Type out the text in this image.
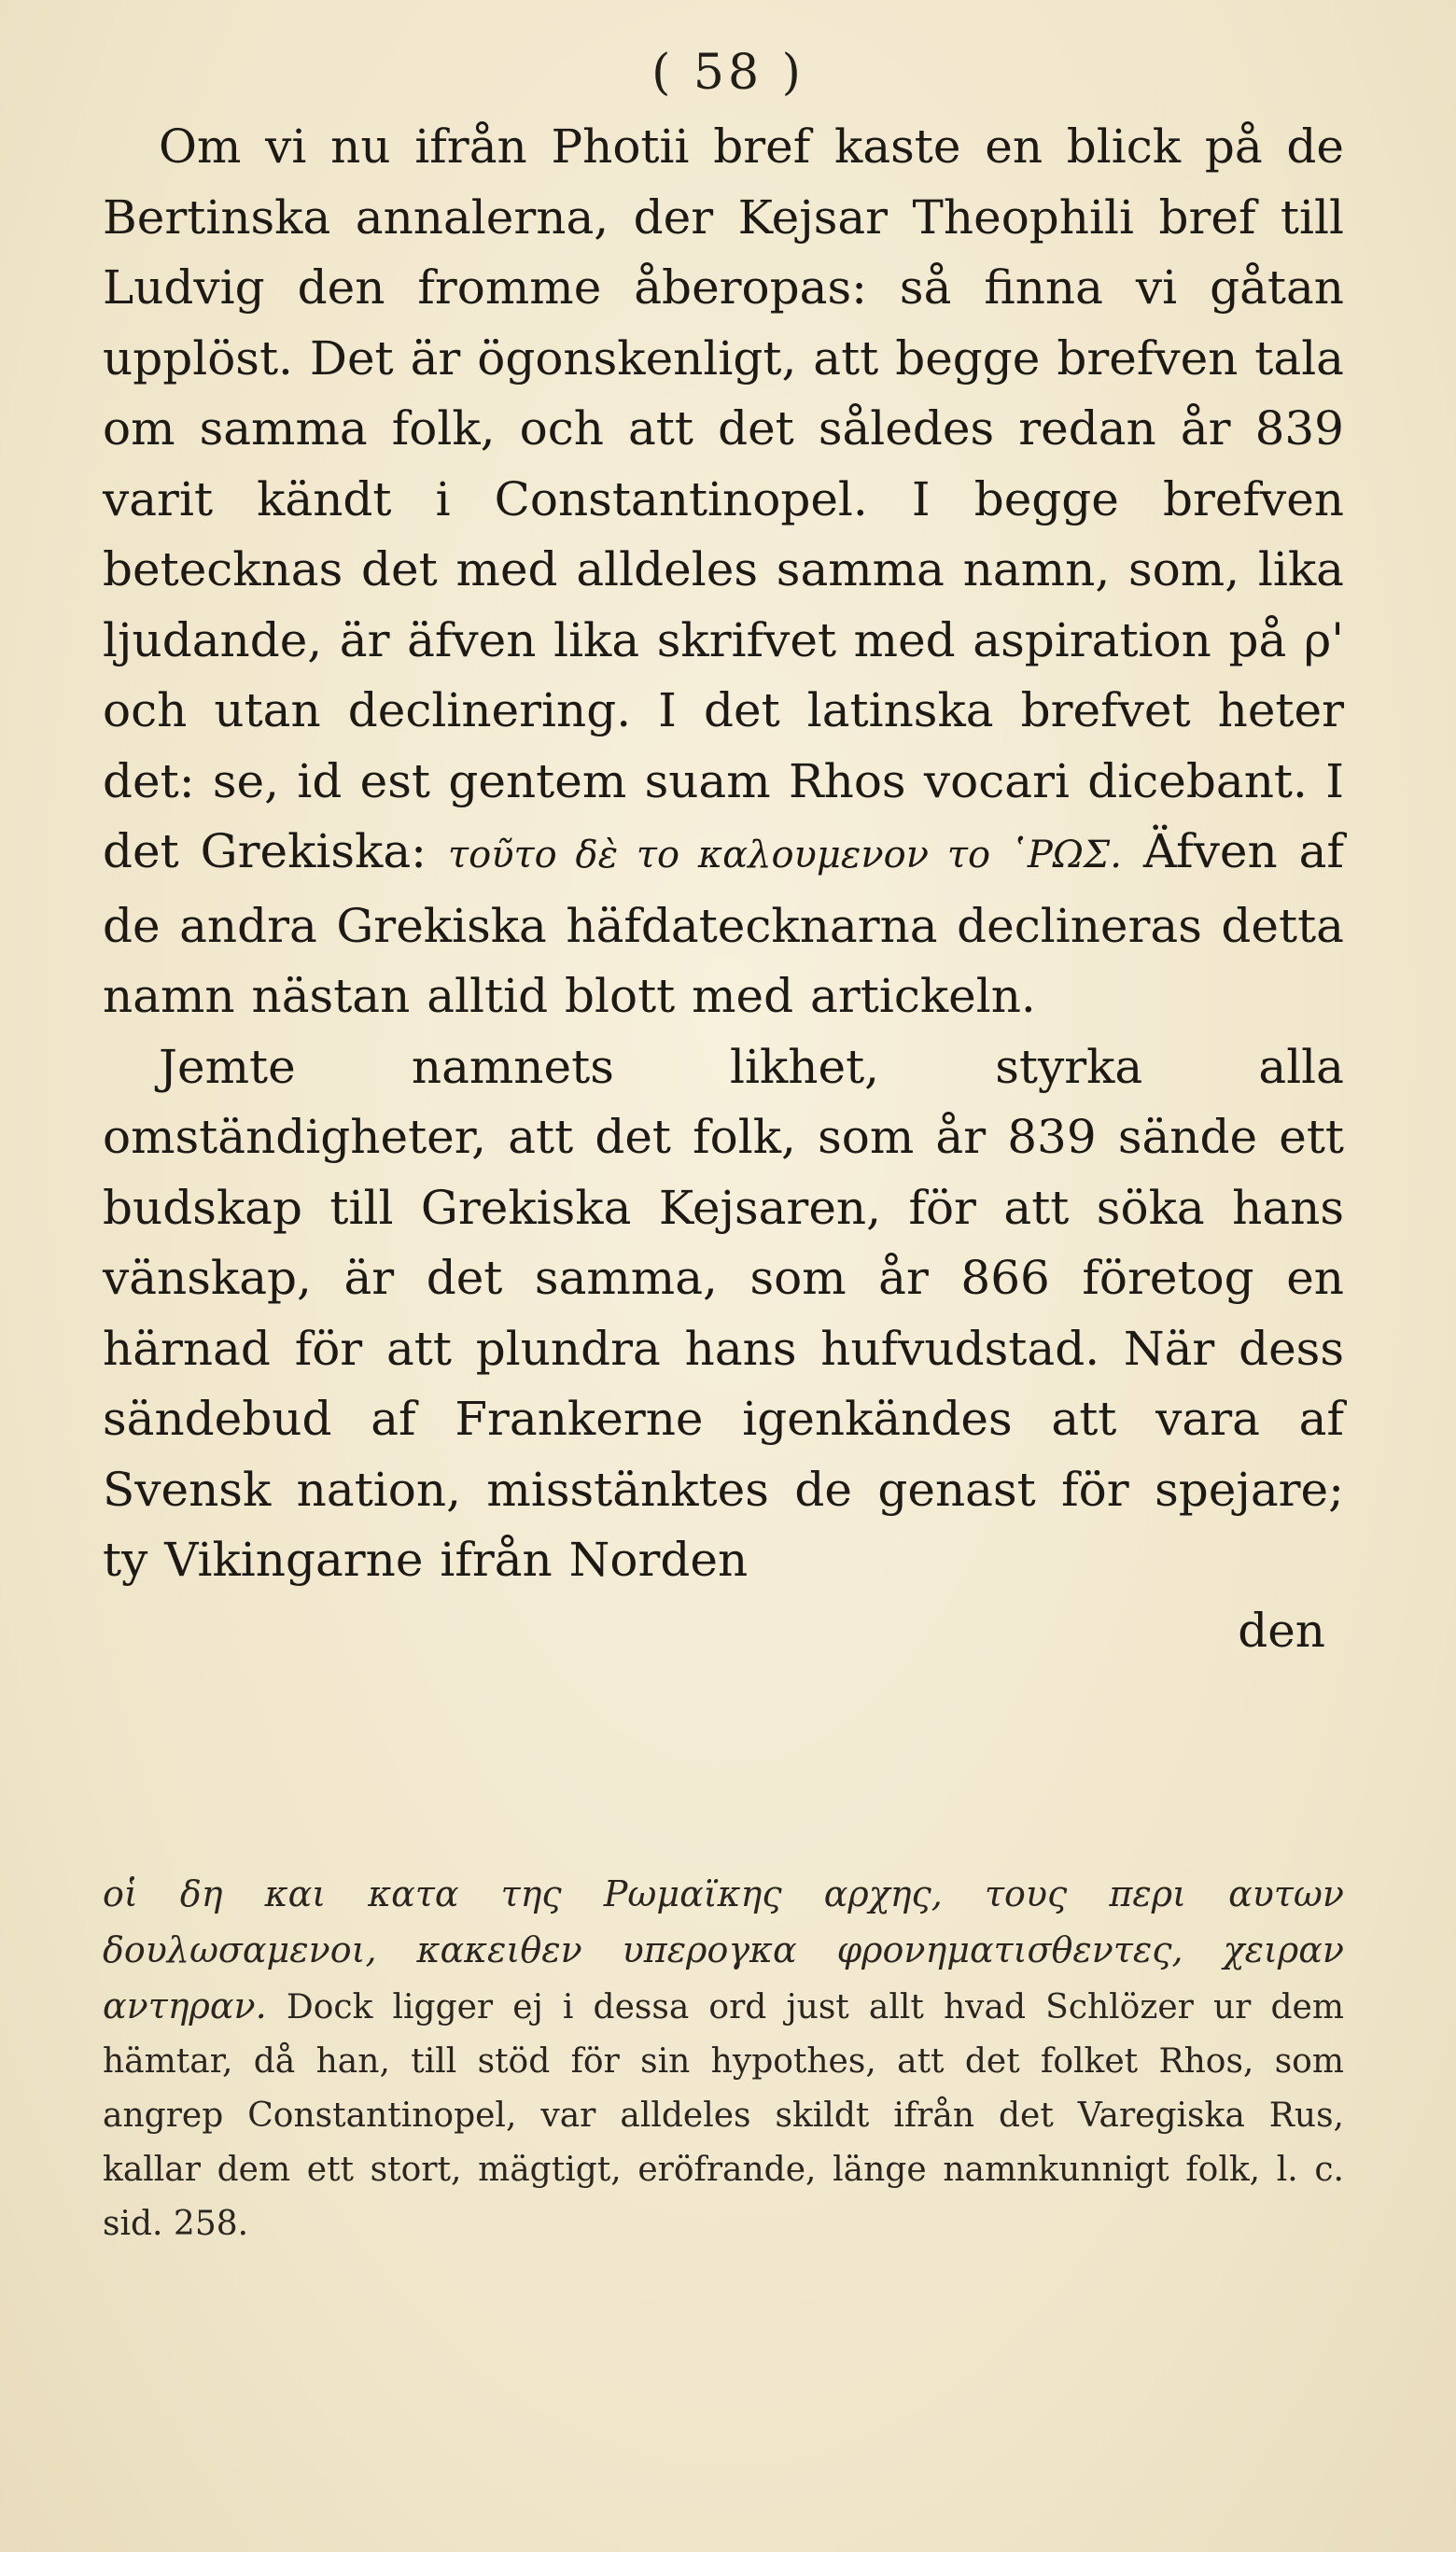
( 58 )

Om vi nu ifrån Photii bref kaste en blick på de Bertinska annalerna, der Kejsar Theophili bref till Ludvig den fromme åberopas: så finna vi gåtan upplöst. Det är ögonskenligt, att begge brefven tala om samma folk, och att det således redan år 839 varit kändt i Constantinopel. I begge brefven betecknas det med alldeles samma namn, som, lika ljudande, är äfven lika skrifvet med aspiration på ρ' och utan declinering. I det latinska brefvet heter det: se, id est gentem suam Rhos vocari dicebant. I det Grekiska: τοῦτο δὲ το καλουμενον το ῾ΡΩΣ. Äfven af de andra Grekiska häfdatecknarna declineras detta namn nästan alltid blott med artickeln.

Jemte namnets likhet, styrka alla omständigheter, att det folk, som år 839 sände ett budskap till Grekiska Kejsaren, för att söka hans vänskap, är det samma, som år 866 företog en härnad för att plundra hans hufvudstad. När dess sändebud af Frankerne igenkändes att vara af Svensk nation, misstänktes de genast för spejare; ty Vikingarne ifrån Norden

den

οἱ δη και κατα της Ρωμαϊκης αρχης, τους περι αυτων δουλωσαμενοι, κακειθεν υπερογκα φρονηματισθεντες, χειραν αντηραν. Dock ligger ej i dessa ord just allt hvad Schlözer ur dem hämtar, då han, till stöd för sin hypothes, att det folket Rhos, som angrep Constantinopel, var alldeles skildt ifrån det Varegiska Rus, kallar dem ett stort, mägtigt, eröfrande, länge namnkunnigt folk, l. c. sid. 258.
